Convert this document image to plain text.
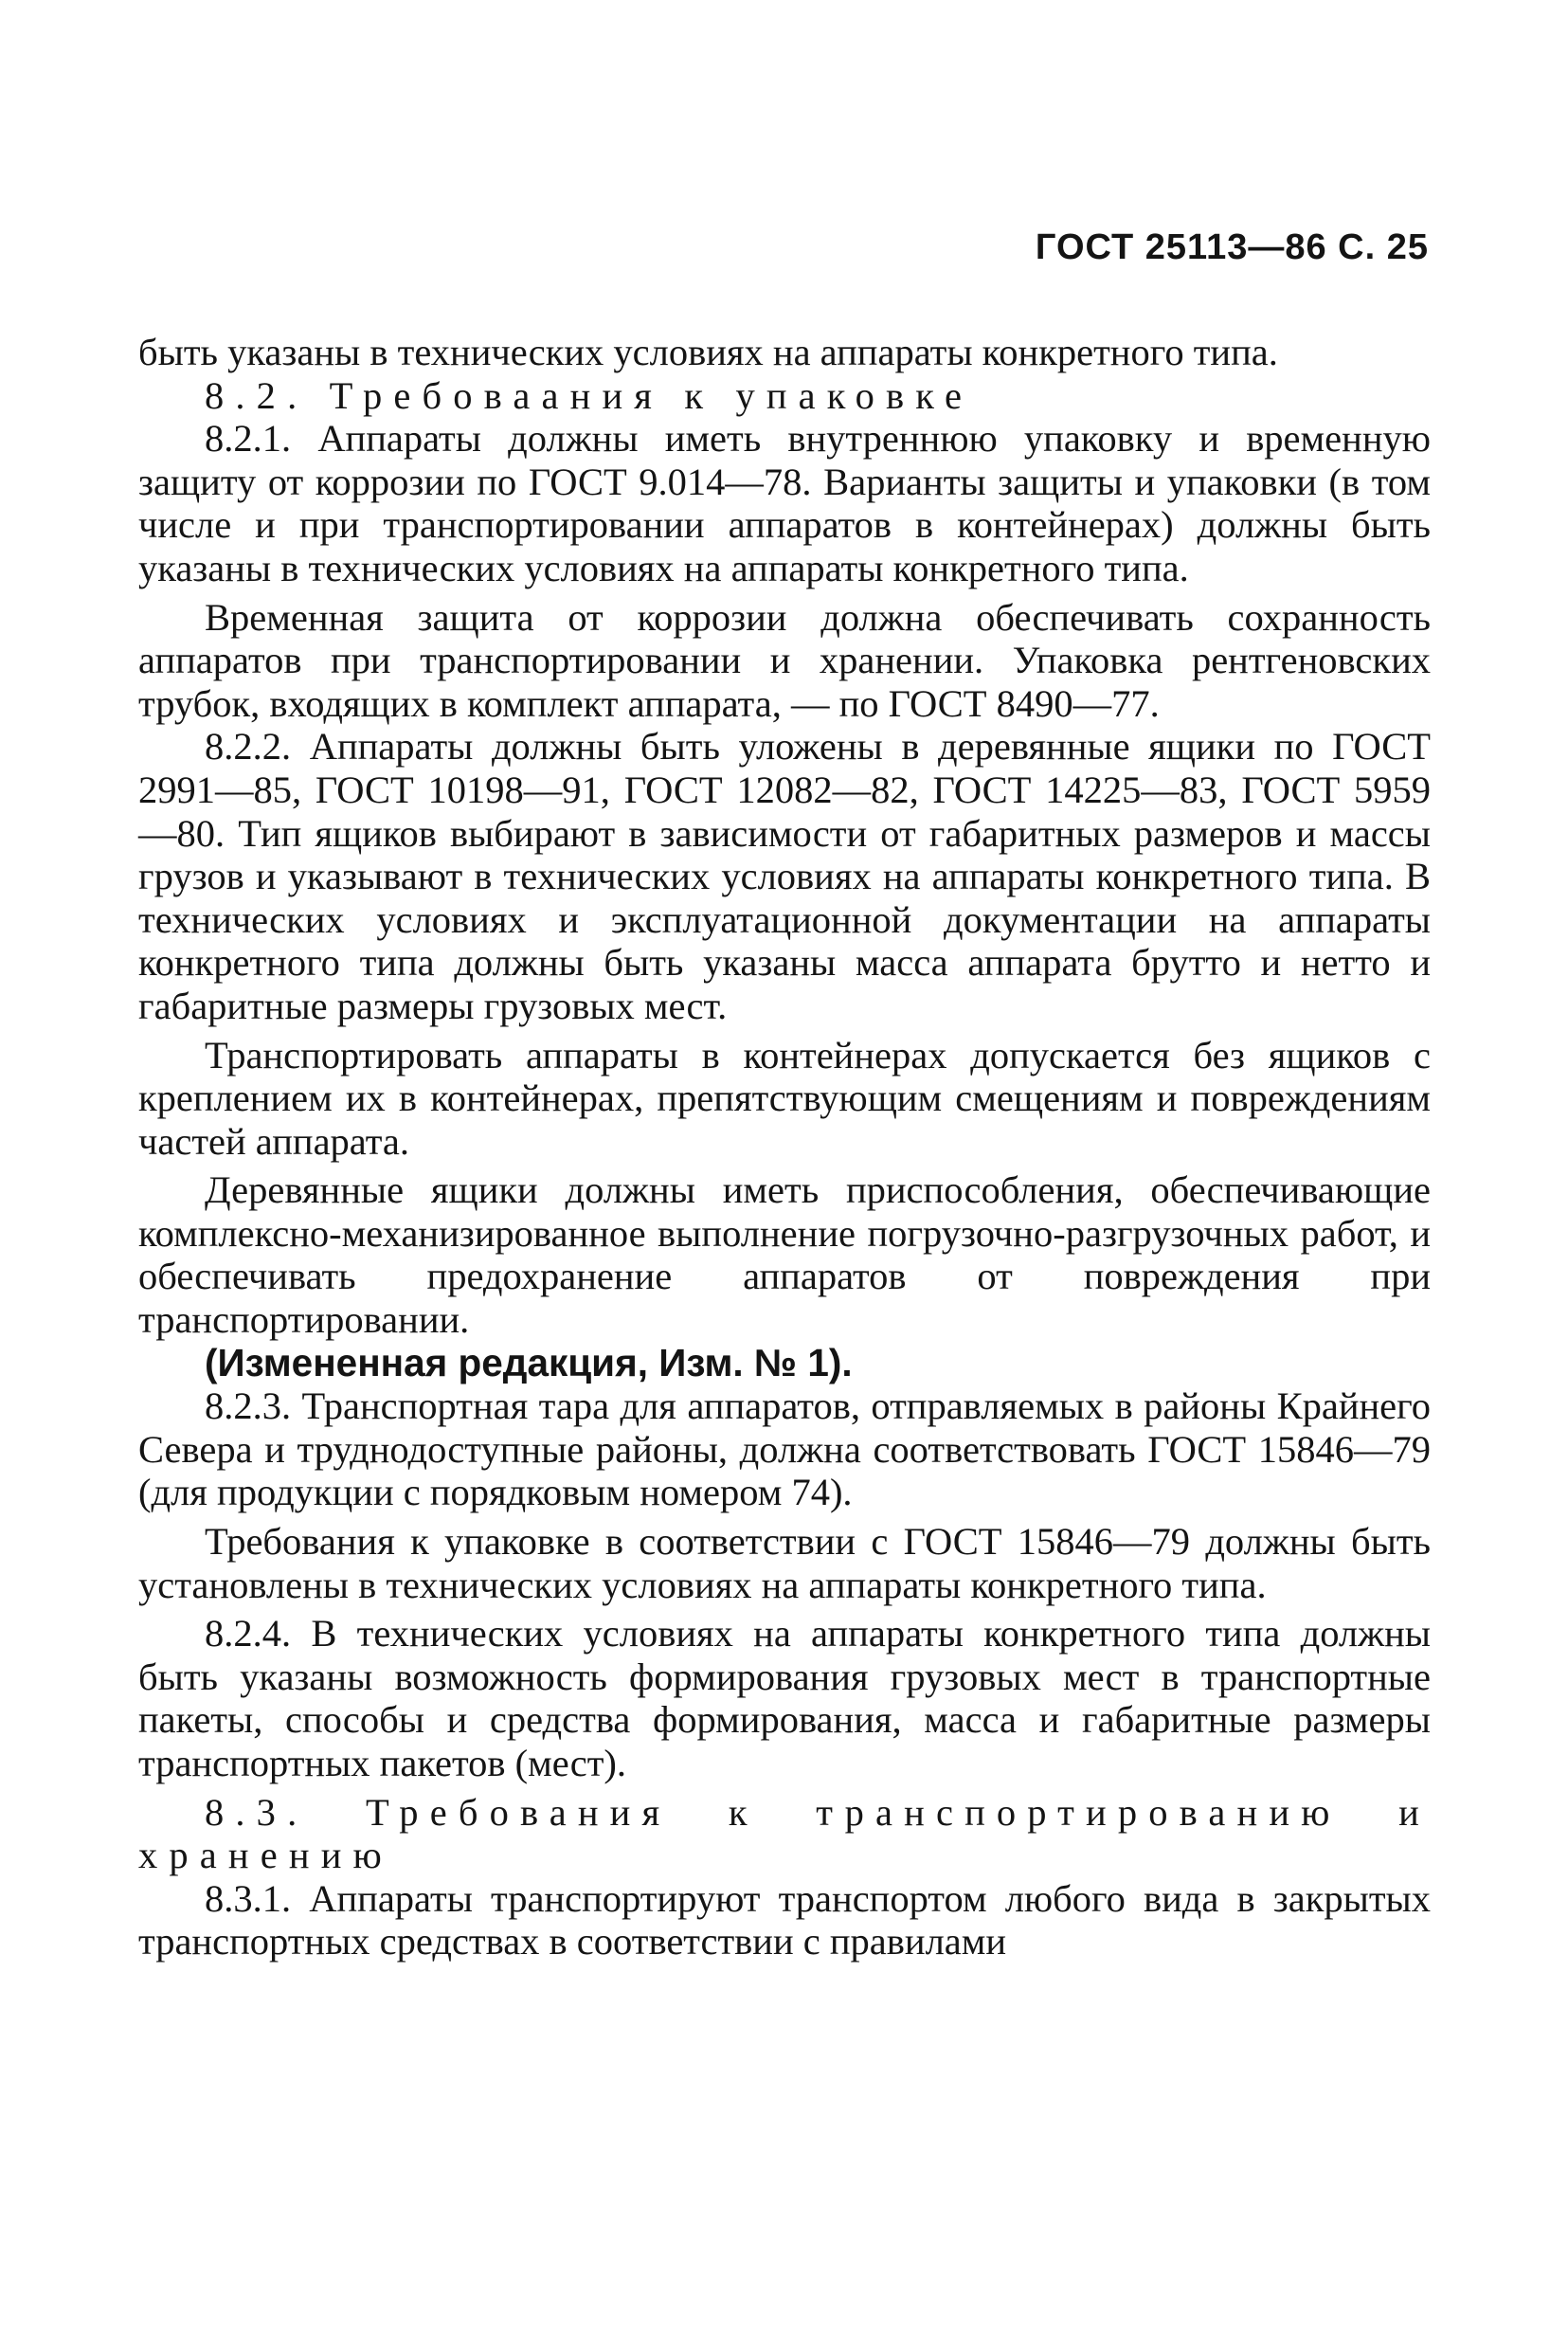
ГОСТ 25113—86 С. 25

быть указаны в технических условиях на аппараты конкретного типа.

8.2. Требоваания к упаковке

8.2.1. Аппараты должны иметь внутреннюю упаковку и временную защиту от коррозии по ГОСТ 9.014—78. Варианты защиты и упаковки (в том числе и при транспортировании аппаратов в контейнерах) должны быть указаны в технических условиях на аппараты конкретного типа.

Временная защита от коррозии должна обеспечивать сохранность аппаратов при транспортировании и хранении. Упаковка рентгеновских трубок, входящих в комплект аппарата, — по ГОСТ 8490—77.

8.2.2. Аппараты должны быть уложены в деревянные ящики по ГОСТ 2991—85, ГОСТ 10198—91, ГОСТ 12082—82, ГОСТ 14225—83, ГОСТ 5959—80. Тип ящиков выбирают в зависимости от габаритных размеров и массы грузов и указывают в технических условиях на аппараты конкретного типа. В технических условиях и эксплуатационной документации на аппараты конкретного типа должны быть указаны масса аппарата брутто и нетто и габаритные размеры грузовых мест.

Транспортировать аппараты в контейнерах допускается без ящиков с креплением их в контейнерах, препятствующим смещениям и повреждениям частей аппарата.

Деревянные ящики должны иметь приспособления, обеспечивающие комплексно-механизированное выполнение погрузочно-разгрузочных работ, и обеспечивать предохранение аппаратов от повреждения при транспортировании.

(Измененная редакция, Изм. № 1).

8.2.3. Транспортная тара для аппаратов, отправляемых в районы Крайнего Севера и труднодоступные районы, должна соответствовать ГОСТ 15846—79 (для продукции с порядковым номером 74).

Требования к упаковке в соответствии с ГОСТ 15846—79 должны быть установлены в технических условиях на аппараты конкретного типа.

8.2.4. В технических условиях на аппараты конкретного типа должны быть указаны возможность формирования грузовых мест в транспортные пакеты, способы и средства формирования, масса и габаритные размеры транспортных пакетов (мест).

8.3. Требования к транспортированию и хранению

8.3.1. Аппараты транспортируют транспортом любого вида в закрытых транспортных средствах в соответствии с правилами
